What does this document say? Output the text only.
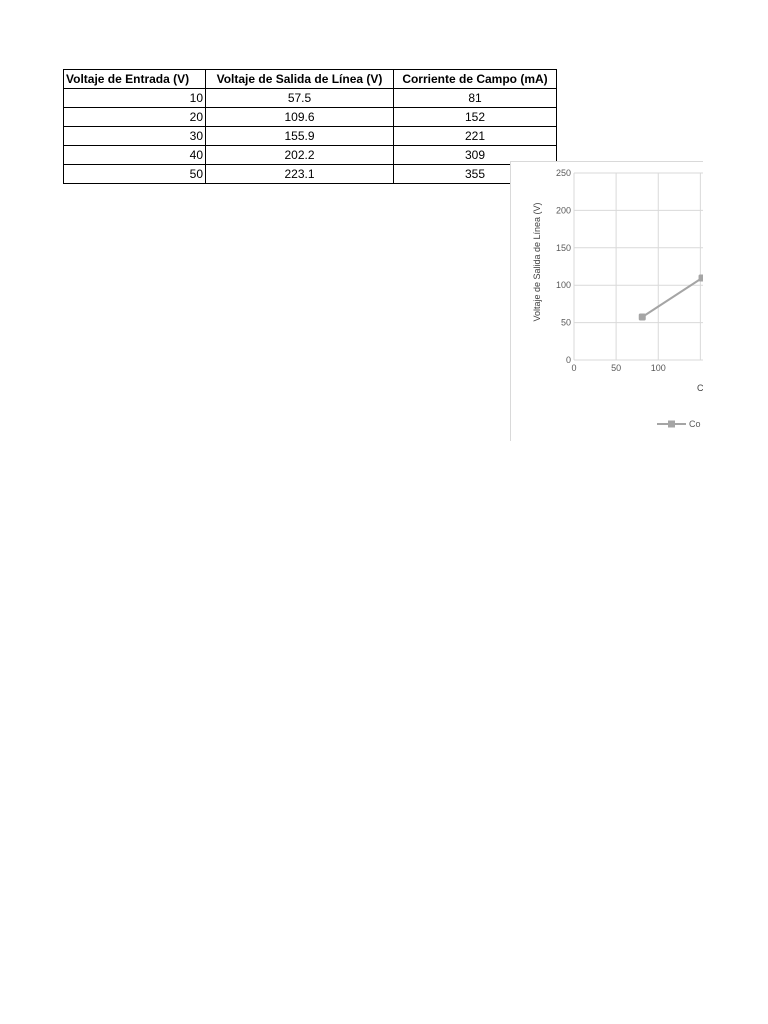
Voltaje de Entrada (V)	Voltaje de Salida de Línea (V)	Corriente de Campo (mA)
10	57.5	81
20	109.6	152
30	155.9	221
40	202.2	309
50	223.1	355
0
50
100
150
200
250
0	50	100
Voltaje de Salida de Línea (V)
C
Co
